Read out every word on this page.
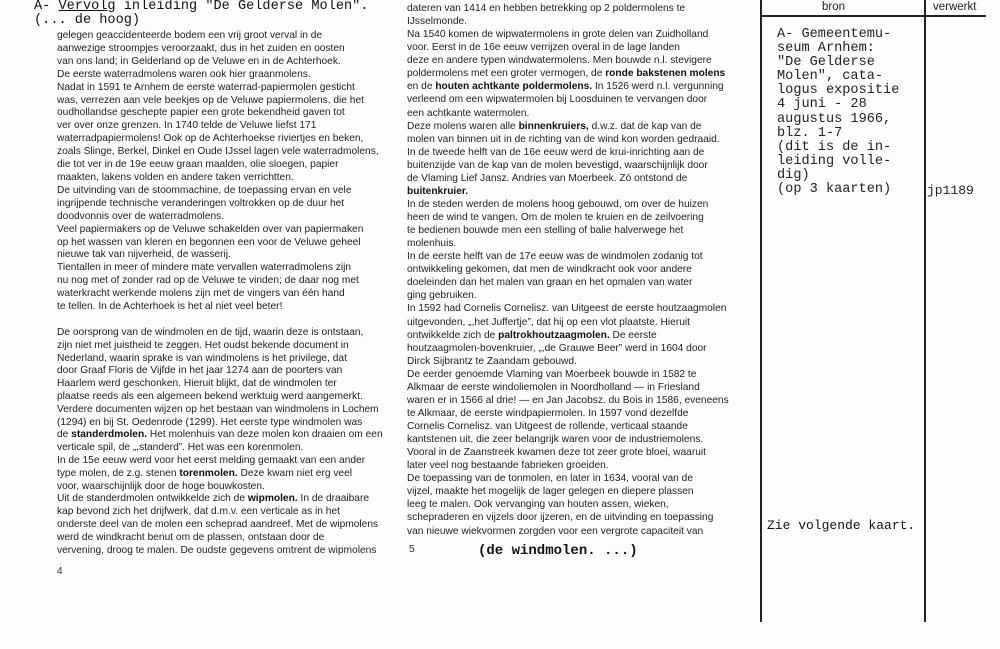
A- Vervolg inleiding "De Gelderse Molen".
(... de hoog)
gelegen geaccidenteerde bodem een vrij groot verval in de
aanwezige stroompjes veroorzaakt, dus in het zuiden en oosten
van ons land; in Gelderland op de Veluwe en in de Achterhoek.
De eerste waterradmolens waren ook hier graanmolens.
Nadat in 1591 te Arnhem de eerste waterrad-papiermolen gesticht
was, verrezen aan vele beekjes op de Veluwe papiermolens, die het
oudhollandse geschepte papier een grote bekendheid gaven tot
ver over onze grenzen. In 1740 telde de Veluwe liefst 171
waterradpapiermolens! Ook op de Achterhoekse riviertjes en beken,
zoals Slinge, Berkel, Dinkel en Oude IJssel lagen vele waterradmolens,
die tot ver in de 19e eeuw graan maalden, olie sloegen, papier
maakten, lakens volden en andere taken verrichtten.
De uitvinding van de stoommachine, de toepassing ervan en vele
ingrijpende technische veranderingen voltrokken op de duur het
doodvonnis over de waterradmolens.
Veel papiermakers op de Veluwe schakelden over van papiermaken
op het wassen van kleren en begonnen een voor de Veluwe geheel
nieuwe tak van nijverheid, de wasserij.
Tientallen in meer of mindere mate vervallen waterradmolens zijn
nu nog met of zonder rad op de Veluwe te vinden; de daar nog met
waterkracht werkende molens zijn met de vingers van één hand
te tellen. In de Achterhoek is het al niet veel beter!
De oorsprong van de windmolen en de tijd, waarin deze is ontstaan,
zijn niet met juistheid te zeggen. Het oudst bekende document in
Nederland, waarin sprake is van windmolens is het privilege, dat
door Graaf Floris de Vijfde in het jaar 1274 aan de poorters van
Haarlem werd geschonken. Hieruit blijkt, dat de windmolen ter
plaatse reeds als een algemeen bekend werktuig werd aangemerkt.
Verdere documenten wijzen op het bestaan van windmolens in Lochem
(1294) en bij St. Oedenrode (1299). Het eerste type windmolen was
de standerdmolen. Het molenhuis van deze molen kon draaien om een
verticale spil, de „,standerd”. Het was een korenmolen.
In de 15e eeuw werd voor het eerst melding gemaakt van een ander
type molen, de z.g. stenen torenmolen. Deze kwam niet erg veel
voor, waarschijnlijk door de hoge bouwkosten.
Uit de standerdmolen ontwikkelde zich de wipmolen. In de draaibare
kap bevond zich het drijfwerk, dat d.m.v. een verticale as in het
onderste deel van de molen een scheprad aandreef. Met de wipmolens
werd de windkracht benut om de plassen, ontstaan door de
vervening, droog te malen. De oudste gegevens omtrent de wipmolens
4
dateren van 1414 en hebben betrekking op 2 poldermolens te
IJsselmonde.
Na 1540 komen de wipwatermolens in grote delen van Zuidholland
voor. Eerst in de 16e eeuw verrijzen overal in de lage landen
deze en andere typen windwatermolens. Men bouwde n.l. stevigere
poldermolens met een groter vermogen, de ronde bakstenen molens
en de houten achtkante poldermolens. In 1526 werd n.l. vergunning
verleend om een wipwatermolen bij Loosduinen te vervangen door
een achtkante watermolen.
Deze molens waren alle binnenkruiers, d.w.z. dat de kap van de
molen van binnen uit in de richting van de wind kon worden gedraaid.
In de tweede helft van de 16e eeuw werd de krui-inrichting aan de
buitenzijde van de kap van de molen bevestigd, waarschijnlijk door
de Vlaming Lief Jansz. Andries van Moerbeek. Zó ontstond de
buitenkruier.
In de steden werden de molens hoog gebouwd, om over de huizen
heen de wind te vangen. Om de molen te kruien en de zeilvoering
te bedienen bouwde men een stelling of balie halverwege het
molenhuis.
In de eerste helft van de 17e eeuw was de windmolen zodanig tot
ontwikkeling gekomen, dat men de windkracht ook voor andere
doeleinden dan het malen van graan en het opmalen van water
ging gebruiken.
In 1592 had Cornelis Cornelisz. van Uitgeest de eerste houtzaagmolen
uitgevonden, „,het Juffertje”, dat hij op een vlot plaatste. Hieruit
ontwikkelde zich de paltrokhoutzaagmolen. De eerste
houtzaagmolen-bovenkruier, „,de Grauwe Beer” werd in 1604 door
Dirck Sijbrantz te Zaandam gebouwd.
De eerder genoemde Vlaming van Moerbeek bouwde in 1582 te
Alkmaar de eerste windoliemolen in Noordholland — in Friesland
waren er in 1566 al drie! — en Jan Jacobsz. du Bois in 1586, eveneens
te Alkmaar, de eerste windpapiermolen. In 1597 vond dezelfde
Cornelis Cornelisz. van Uitgeest de rollende, verticaal staande
kantstenen uit, die zeer belangrijk waren voor de industriemolens.
Vooral in de Zaanstreek kwamen deze tot zeer grote bloei, waaruit
later veel nog bestaande fabrieken groeiden.
De toepassing van de tonmolen, en later in 1634, vooral van de
vijzel, maakte het mogelijk de lager gelegen en diepere plassen
leeg te malen. Ook vervanging van houten assen, wieken,
schepraderen en vijzels door ijzeren, en de uitvinding en toepassing
van nieuwe wiekvormen zorgden voor een vergrote capaciteit van
5	(de windmolen. ...)
bron	verwerkt
A- Gemeentemu-
seum Arnhem:
"De Gelderse
Molen", cata-
logus expositie
4 juni - 28
augustus 1966,
blz. 1-7
(dit is de in-
leiding volle-
dig)
(op 3 kaarten)	jp1189
Zie volgende kaart.
